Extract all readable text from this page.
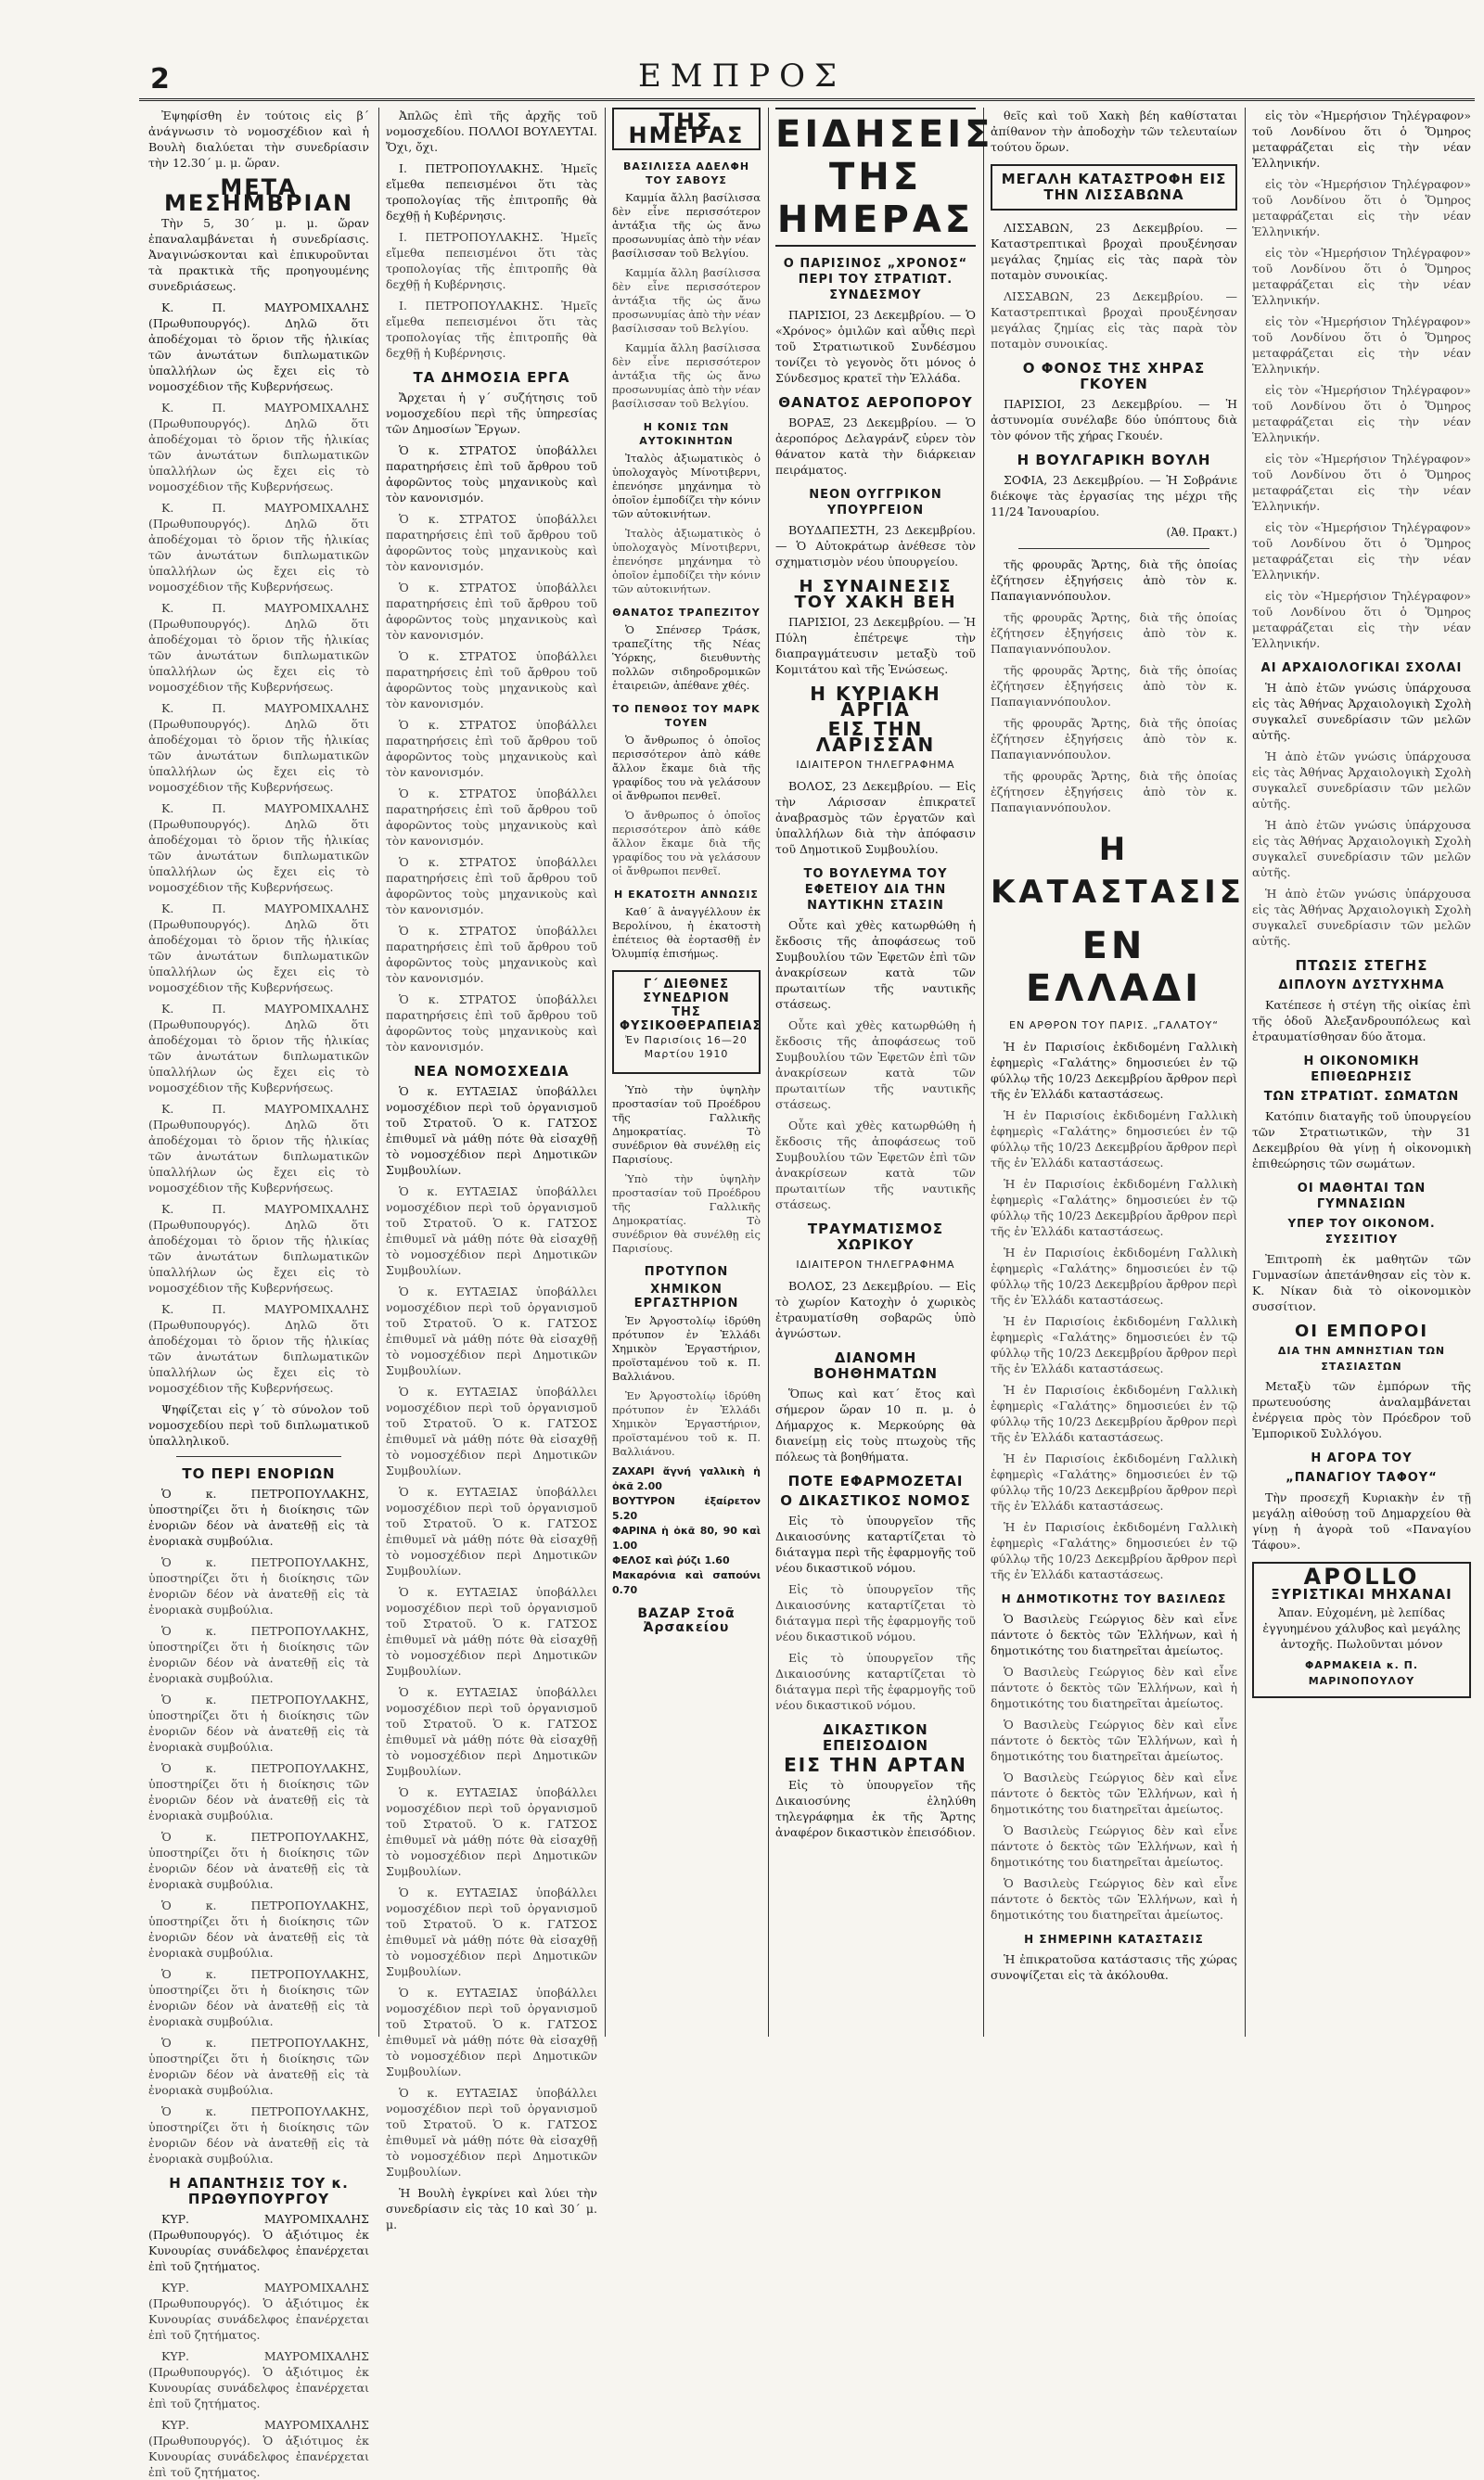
2	ΕΜΠΡΟΣ

Ἐψηφίσθη ἐν τούτοις εἰς β΄ ἀνάγνωσιν τὸ νομοσχέδιον καὶ ἡ Βουλὴ διαλύεται τὴν συνεδρίασιν τὴν 12.30΄ μ. μ. ὥραν.

ΜΕΤΑ ΜΕΣΗΜΒΡΙΑΝ

Τὴν 5, 30΄ μ. μ. ὥραν ἐπαναλαμβάνεται ἡ συνεδρίασις. Ἀναγινώσκονται καὶ ἐπικυροῦνται τὰ πρακτικὰ τῆς προηγουμένης συνεδριάσεως.

Κ. Π. ΜΑΥΡΟΜΙΧΑΛΗΣ (Πρωθυπουργός). Δηλῶ ὅτι ἀποδέχομαι τὸ ὅριον τῆς ἡλικίας τῶν ἀνωτάτων διπλωματικῶν ὑπαλλήλων ὡς ἔχει εἰς τὸ νομοσχέδιον τῆς Κυβερνήσεως.

Κ. Π. ΜΑΥΡΟΜΙΧΑΛΗΣ (Πρωθυπουργός). Δηλῶ ὅτι ἀποδέχομαι τὸ ὅριον τῆς ἡλικίας τῶν ἀνωτάτων διπλωματικῶν ὑπαλλήλων ὡς ἔχει εἰς τὸ νομοσχέδιον τῆς Κυβερνήσεως.

Κ. Π. ΜΑΥΡΟΜΙΧΑΛΗΣ (Πρωθυπουργός). Δηλῶ ὅτι ἀποδέχομαι τὸ ὅριον τῆς ἡλικίας τῶν ἀνωτάτων διπλωματικῶν ὑπαλλήλων ὡς ἔχει εἰς τὸ νομοσχέδιον τῆς Κυβερνήσεως.

Κ. Π. ΜΑΥΡΟΜΙΧΑΛΗΣ (Πρωθυπουργός). Δηλῶ ὅτι ἀποδέχομαι τὸ ὅριον τῆς ἡλικίας τῶν ἀνωτάτων διπλωματικῶν ὑπαλλήλων ὡς ἔχει εἰς τὸ νομοσχέδιον τῆς Κυβερνήσεως.

Κ. Π. ΜΑΥΡΟΜΙΧΑΛΗΣ (Πρωθυπουργός). Δηλῶ ὅτι ἀποδέχομαι τὸ ὅριον τῆς ἡλικίας τῶν ἀνωτάτων διπλωματικῶν ὑπαλλήλων ὡς ἔχει εἰς τὸ νομοσχέδιον τῆς Κυβερνήσεως.

Κ. Π. ΜΑΥΡΟΜΙΧΑΛΗΣ (Πρωθυπουργός). Δηλῶ ὅτι ἀποδέχομαι τὸ ὅριον τῆς ἡλικίας τῶν ἀνωτάτων διπλωματικῶν ὑπαλλήλων ὡς ἔχει εἰς τὸ νομοσχέδιον τῆς Κυβερνήσεως.

Κ. Π. ΜΑΥΡΟΜΙΧΑΛΗΣ (Πρωθυπουργός). Δηλῶ ὅτι ἀποδέχομαι τὸ ὅριον τῆς ἡλικίας τῶν ἀνωτάτων διπλωματικῶν ὑπαλλήλων ὡς ἔχει εἰς τὸ νομοσχέδιον τῆς Κυβερνήσεως.

Κ. Π. ΜΑΥΡΟΜΙΧΑΛΗΣ (Πρωθυπουργός). Δηλῶ ὅτι ἀποδέχομαι τὸ ὅριον τῆς ἡλικίας τῶν ἀνωτάτων διπλωματικῶν ὑπαλλήλων ὡς ἔχει εἰς τὸ νομοσχέδιον τῆς Κυβερνήσεως.

Κ. Π. ΜΑΥΡΟΜΙΧΑΛΗΣ (Πρωθυπουργός). Δηλῶ ὅτι ἀποδέχομαι τὸ ὅριον τῆς ἡλικίας τῶν ἀνωτάτων διπλωματικῶν ὑπαλλήλων ὡς ἔχει εἰς τὸ νομοσχέδιον τῆς Κυβερνήσεως.

Κ. Π. ΜΑΥΡΟΜΙΧΑΛΗΣ (Πρωθυπουργός). Δηλῶ ὅτι ἀποδέχομαι τὸ ὅριον τῆς ἡλικίας τῶν ἀνωτάτων διπλωματικῶν ὑπαλλήλων ὡς ἔχει εἰς τὸ νομοσχέδιον τῆς Κυβερνήσεως.

Κ. Π. ΜΑΥΡΟΜΙΧΑΛΗΣ (Πρωθυπουργός). Δηλῶ ὅτι ἀποδέχομαι τὸ ὅριον τῆς ἡλικίας τῶν ἀνωτάτων διπλωματικῶν ὑπαλλήλων ὡς ἔχει εἰς τὸ νομοσχέδιον τῆς Κυβερνήσεως.

Ψηφίζεται εἰς γ΄ τὸ σύνολον τοῦ νομοσχεδίου περὶ τοῦ διπλωματικοῦ ὑπαλληλικοῦ.

ΤΟ ΠΕΡΙ ΕΝΟΡΙΩΝ

Ὁ κ. ΠΕΤΡΟΠΟΥΛΑΚΗΣ, ὑποστηρίζει ὅτι ἡ διοίκησις τῶν ἐνοριῶν δέον νὰ ἀνατεθῇ εἰς τὰ ἐνοριακὰ συμβούλια.

Ὁ κ. ΠΕΤΡΟΠΟΥΛΑΚΗΣ, ὑποστηρίζει ὅτι ἡ διοίκησις τῶν ἐνοριῶν δέον νὰ ἀνατεθῇ εἰς τὰ ἐνοριακὰ συμβούλια.

Ὁ κ. ΠΕΤΡΟΠΟΥΛΑΚΗΣ, ὑποστηρίζει ὅτι ἡ διοίκησις τῶν ἐνοριῶν δέον νὰ ἀνατεθῇ εἰς τὰ ἐνοριακὰ συμβούλια.

Ὁ κ. ΠΕΤΡΟΠΟΥΛΑΚΗΣ, ὑποστηρίζει ὅτι ἡ διοίκησις τῶν ἐνοριῶν δέον νὰ ἀνατεθῇ εἰς τὰ ἐνοριακὰ συμβούλια.

Ὁ κ. ΠΕΤΡΟΠΟΥΛΑΚΗΣ, ὑποστηρίζει ὅτι ἡ διοίκησις τῶν ἐνοριῶν δέον νὰ ἀνατεθῇ εἰς τὰ ἐνοριακὰ συμβούλια.

Ὁ κ. ΠΕΤΡΟΠΟΥΛΑΚΗΣ, ὑποστηρίζει ὅτι ἡ διοίκησις τῶν ἐνοριῶν δέον νὰ ἀνατεθῇ εἰς τὰ ἐνοριακὰ συμβούλια.

Ὁ κ. ΠΕΤΡΟΠΟΥΛΑΚΗΣ, ὑποστηρίζει ὅτι ἡ διοίκησις τῶν ἐνοριῶν δέον νὰ ἀνατεθῇ εἰς τὰ ἐνοριακὰ συμβούλια.

Ὁ κ. ΠΕΤΡΟΠΟΥΛΑΚΗΣ, ὑποστηρίζει ὅτι ἡ διοίκησις τῶν ἐνοριῶν δέον νὰ ἀνατεθῇ εἰς τὰ ἐνοριακὰ συμβούλια.

Ὁ κ. ΠΕΤΡΟΠΟΥΛΑΚΗΣ, ὑποστηρίζει ὅτι ἡ διοίκησις τῶν ἐνοριῶν δέον νὰ ἀνατεθῇ εἰς τὰ ἐνοριακὰ συμβούλια.

Ὁ κ. ΠΕΤΡΟΠΟΥΛΑΚΗΣ, ὑποστηρίζει ὅτι ἡ διοίκησις τῶν ἐνοριῶν δέον νὰ ἀνατεθῇ εἰς τὰ ἐνοριακὰ συμβούλια.

Η ΑΠΑΝΤΗΣΙΣ ΤΟΥ κ. ΠΡΩΘΥΠΟΥΡΓΟΥ

ΚΥΡ. ΜΑΥΡΟΜΙΧΑΛΗΣ (Πρωθυπουργός). Ὁ ἀξιότιμος ἐκ Κυνουρίας συνάδελφος ἐπανέρχεται ἐπὶ τοῦ ζητήματος.

ΚΥΡ. ΜΑΥΡΟΜΙΧΑΛΗΣ (Πρωθυπουργός). Ὁ ἀξιότιμος ἐκ Κυνουρίας συνάδελφος ἐπανέρχεται ἐπὶ τοῦ ζητήματος.

ΚΥΡ. ΜΑΥΡΟΜΙΧΑΛΗΣ (Πρωθυπουργός). Ὁ ἀξιότιμος ἐκ Κυνουρίας συνάδελφος ἐπανέρχεται ἐπὶ τοῦ ζητήματος.

ΚΥΡ. ΜΑΥΡΟΜΙΧΑΛΗΣ (Πρωθυπουργός). Ὁ ἀξιότιμος ἐκ Κυνουρίας συνάδελφος ἐπανέρχεται ἐπὶ τοῦ ζητήματος.

Ἀπλῶς ἐπὶ τῆς ἀρχῆς τοῦ νομοσχεδίου. ΠΟΛΛΟΙ ΒΟΥΛΕΥΤΑΙ. Ὄχι, ὄχι.

Ι. ΠΕΤΡΟΠΟΥΛΑΚΗΣ. Ἠμεῖς εἴμεθα πεπεισμένοι ὅτι τὰς τροπολογίας τῆς ἐπιτροπῆς θὰ δεχθῇ ἡ Κυβέρνησις.

Ι. ΠΕΤΡΟΠΟΥΛΑΚΗΣ. Ἠμεῖς εἴμεθα πεπεισμένοι ὅτι τὰς τροπολογίας τῆς ἐπιτροπῆς θὰ δεχθῇ ἡ Κυβέρνησις.

Ι. ΠΕΤΡΟΠΟΥΛΑΚΗΣ. Ἠμεῖς εἴμεθα πεπεισμένοι ὅτι τὰς τροπολογίας τῆς ἐπιτροπῆς θὰ δεχθῇ ἡ Κυβέρνησις.

ΤΑ ΔΗΜΟΣΙΑ ΕΡΓΑ

Ἄρχεται ἡ γ΄ συζήτησις τοῦ νομοσχεδίου περὶ τῆς ὑπηρεσίας τῶν Δημοσίων Ἔργων.

Ὁ κ. ΣΤΡΑΤΟΣ ὑποβάλλει παρατηρήσεις ἐπὶ τοῦ ἄρθρου τοῦ ἀφορῶντος τοὺς μηχανικοὺς καὶ τὸν κανονισμόν.

Ὁ κ. ΣΤΡΑΤΟΣ ὑποβάλλει παρατηρήσεις ἐπὶ τοῦ ἄρθρου τοῦ ἀφορῶντος τοὺς μηχανικοὺς καὶ τὸν κανονισμόν.

Ὁ κ. ΣΤΡΑΤΟΣ ὑποβάλλει παρατηρήσεις ἐπὶ τοῦ ἄρθρου τοῦ ἀφορῶντος τοὺς μηχανικοὺς καὶ τὸν κανονισμόν.

Ὁ κ. ΣΤΡΑΤΟΣ ὑποβάλλει παρατηρήσεις ἐπὶ τοῦ ἄρθρου τοῦ ἀφορῶντος τοὺς μηχανικοὺς καὶ τὸν κανονισμόν.

Ὁ κ. ΣΤΡΑΤΟΣ ὑποβάλλει παρατηρήσεις ἐπὶ τοῦ ἄρθρου τοῦ ἀφορῶντος τοὺς μηχανικοὺς καὶ τὸν κανονισμόν.

Ὁ κ. ΣΤΡΑΤΟΣ ὑποβάλλει παρατηρήσεις ἐπὶ τοῦ ἄρθρου τοῦ ἀφορῶντος τοὺς μηχανικοὺς καὶ τὸν κανονισμόν.

Ὁ κ. ΣΤΡΑΤΟΣ ὑποβάλλει παρατηρήσεις ἐπὶ τοῦ ἄρθρου τοῦ ἀφορῶντος τοὺς μηχανικοὺς καὶ τὸν κανονισμόν.

Ὁ κ. ΣΤΡΑΤΟΣ ὑποβάλλει παρατηρήσεις ἐπὶ τοῦ ἄρθρου τοῦ ἀφορῶντος τοὺς μηχανικοὺς καὶ τὸν κανονισμόν.

Ὁ κ. ΣΤΡΑΤΟΣ ὑποβάλλει παρατηρήσεις ἐπὶ τοῦ ἄρθρου τοῦ ἀφορῶντος τοὺς μηχανικοὺς καὶ τὸν κανονισμόν.

ΝΕΑ ΝΟΜΟΣΧΕΔΙΑ

Ὁ κ. ΕΥΤΑΞΙΑΣ ὑποβάλλει νομοσχέδιον περὶ τοῦ ὀργανισμοῦ τοῦ Στρατοῦ. Ὁ κ. ΓΑΤΣΟΣ ἐπιθυμεῖ νὰ μάθῃ πότε θὰ εἰσαχθῇ τὸ νομοσχέδιον περὶ Δημοτικῶν Συμβουλίων.

Ὁ κ. ΕΥΤΑΞΙΑΣ ὑποβάλλει νομοσχέδιον περὶ τοῦ ὀργανισμοῦ τοῦ Στρατοῦ. Ὁ κ. ΓΑΤΣΟΣ ἐπιθυμεῖ νὰ μάθῃ πότε θὰ εἰσαχθῇ τὸ νομοσχέδιον περὶ Δημοτικῶν Συμβουλίων.

Ὁ κ. ΕΥΤΑΞΙΑΣ ὑποβάλλει νομοσχέδιον περὶ τοῦ ὀργανισμοῦ τοῦ Στρατοῦ. Ὁ κ. ΓΑΤΣΟΣ ἐπιθυμεῖ νὰ μάθῃ πότε θὰ εἰσαχθῇ τὸ νομοσχέδιον περὶ Δημοτικῶν Συμβουλίων.

Ὁ κ. ΕΥΤΑΞΙΑΣ ὑποβάλλει νομοσχέδιον περὶ τοῦ ὀργανισμοῦ τοῦ Στρατοῦ. Ὁ κ. ΓΑΤΣΟΣ ἐπιθυμεῖ νὰ μάθῃ πότε θὰ εἰσαχθῇ τὸ νομοσχέδιον περὶ Δημοτικῶν Συμβουλίων.

Ὁ κ. ΕΥΤΑΞΙΑΣ ὑποβάλλει νομοσχέδιον περὶ τοῦ ὀργανισμοῦ τοῦ Στρατοῦ. Ὁ κ. ΓΑΤΣΟΣ ἐπιθυμεῖ νὰ μάθῃ πότε θὰ εἰσαχθῇ τὸ νομοσχέδιον περὶ Δημοτικῶν Συμβουλίων.

Ὁ κ. ΕΥΤΑΞΙΑΣ ὑποβάλλει νομοσχέδιον περὶ τοῦ ὀργανισμοῦ τοῦ Στρατοῦ. Ὁ κ. ΓΑΤΣΟΣ ἐπιθυμεῖ νὰ μάθῃ πότε θὰ εἰσαχθῇ τὸ νομοσχέδιον περὶ Δημοτικῶν Συμβουλίων.

Ὁ κ. ΕΥΤΑΞΙΑΣ ὑποβάλλει νομοσχέδιον περὶ τοῦ ὀργανισμοῦ τοῦ Στρατοῦ. Ὁ κ. ΓΑΤΣΟΣ ἐπιθυμεῖ νὰ μάθῃ πότε θὰ εἰσαχθῇ τὸ νομοσχέδιον περὶ Δημοτικῶν Συμβουλίων.

Ὁ κ. ΕΥΤΑΞΙΑΣ ὑποβάλλει νομοσχέδιον περὶ τοῦ ὀργανισμοῦ τοῦ Στρατοῦ. Ὁ κ. ΓΑΤΣΟΣ ἐπιθυμεῖ νὰ μάθῃ πότε θὰ εἰσαχθῇ τὸ νομοσχέδιον περὶ Δημοτικῶν Συμβουλίων.

Ὁ κ. ΕΥΤΑΞΙΑΣ ὑποβάλλει νομοσχέδιον περὶ τοῦ ὀργανισμοῦ τοῦ Στρατοῦ. Ὁ κ. ΓΑΤΣΟΣ ἐπιθυμεῖ νὰ μάθῃ πότε θὰ εἰσαχθῇ τὸ νομοσχέδιον περὶ Δημοτικῶν Συμβουλίων.

Ὁ κ. ΕΥΤΑΞΙΑΣ ὑποβάλλει νομοσχέδιον περὶ τοῦ ὀργανισμοῦ τοῦ Στρατοῦ. Ὁ κ. ΓΑΤΣΟΣ ἐπιθυμεῖ νὰ μάθῃ πότε θὰ εἰσαχθῇ τὸ νομοσχέδιον περὶ Δημοτικῶν Συμβουλίων.

Ὁ κ. ΕΥΤΑΞΙΑΣ ὑποβάλλει νομοσχέδιον περὶ τοῦ ὀργανισμοῦ τοῦ Στρατοῦ. Ὁ κ. ΓΑΤΣΟΣ ἐπιθυμεῖ νὰ μάθῃ πότε θὰ εἰσαχθῇ τὸ νομοσχέδιον περὶ Δημοτικῶν Συμβουλίων.

Ἡ Βουλὴ ἐγκρίνει καὶ λύει τὴν συνεδρίασιν εἰς τὰς 10 καὶ 30΄ μ. μ.

ΤΗΣ ΗΜΕΡΑΣ
ΒΑΣΙΛΙΣΣΑ ΑΔΕΛΦΗ ΤΟΥ ΣΑΒΟΥΣ

Καμμία ἄλλη βασίλισσα δὲν εἶνε περισσότερον ἀντάξια τῆς ὡς ἄνω προσωνυμίας ἀπὸ τὴν νέαν βασίλισσαν τοῦ Βελγίου.

Καμμία ἄλλη βασίλισσα δὲν εἶνε περισσότερον ἀντάξια τῆς ὡς ἄνω προσωνυμίας ἀπὸ τὴν νέαν βασίλισσαν τοῦ Βελγίου.

Καμμία ἄλλη βασίλισσα δὲν εἶνε περισσότερον ἀντάξια τῆς ὡς ἄνω προσωνυμίας ἀπὸ τὴν νέαν βασίλισσαν τοῦ Βελγίου.

Η ΚΟΝΙΣ ΤΩΝ ΑΥΤΟΚΙΝΗΤΩΝ

Ἰταλὸς ἀξιωματικὸς ὁ ὑπολοχαγὸς Μίνοτιβερνι, ἐπενόησε μηχάνημα τὸ ὁποῖον ἐμποδίζει τὴν κόνιν τῶν αὐτοκινήτων.

Ἰταλὸς ἀξιωματικὸς ὁ ὑπολοχαγὸς Μίνοτιβερνι, ἐπενόησε μηχάνημα τὸ ὁποῖον ἐμποδίζει τὴν κόνιν τῶν αὐτοκινήτων.

ΘΑΝΑΤΟΣ ΤΡΑΠΕΖΙΤΟΥ

Ὁ Σπένσερ Τράσκ, τραπεζίτης τῆς Νέας Ὑόρκης, διευθυντὴς πολλῶν σιδηροδρομικῶν ἑταιρειῶν, ἀπέθανε χθές.

ΤΟ ΠΕΝΘΟΣ ΤΟΥ ΜΑΡΚ ΤΟΥΕΝ

Ὁ ἄνθρωπος ὁ ὁποῖος περισσότερον ἀπὸ κάθε ἄλλον ἔκαμε διὰ τῆς γραφίδος του νὰ γελάσουν οἱ ἄνθρωποι πενθεῖ.

Ὁ ἄνθρωπος ὁ ὁποῖος περισσότερον ἀπὸ κάθε ἄλλον ἔκαμε διὰ τῆς γραφίδος του νὰ γελάσουν οἱ ἄνθρωποι πενθεῖ.

Η ΕΚΑΤΟΣΤΗ ΑΝΝΩΣΙΣ

Καθ΄ ἃ ἀναγγέλλουν ἐκ Βερολίνου, ἡ ἑκατοστὴ ἐπέτειος θὰ ἑορτασθῇ ἐν Ὀλυμπίᾳ ἐπισήμως.

Γ΄ ΔΙΕΘΝΕΣ ΣΥΝΕΔΡΙΟΝ
ΤΗΣ ΦΥΣΙΚΟΘΕΡΑΠΕΙΑΣ
Ἐν Παρισίοις 16—20 Μαρτίου 1910

Ὑπὸ τὴν ὑψηλὴν προστασίαν τοῦ Προέδρου τῆς Γαλλικῆς Δημοκρατίας. Τὸ συνέδριον θὰ συνέλθῃ εἰς Παρισίους.

Ὑπὸ τὴν ὑψηλὴν προστασίαν τοῦ Προέδρου τῆς Γαλλικῆς Δημοκρατίας. Τὸ συνέδριον θὰ συνέλθῃ εἰς Παρισίους.

ΠΡΟΤΥΠΟΝ
ΧΗΜΙΚΟΝ ΕΡΓΑΣΤΗΡΙΟΝ

Ἐν Ἀργοστολίῳ ἱδρύθη πρότυπον ἐν Ἑλλάδι Χημικὸν Ἐργαστήριον, προϊσταμένου τοῦ κ. Π. Βαλλιάνου.

Ἐν Ἀργοστολίῳ ἱδρύθη πρότυπον ἐν Ἑλλάδι Χημικὸν Ἐργαστήριον, προϊσταμένου τοῦ κ. Π. Βαλλιάνου.

ΖΑΧΑΡΙ ἄγνή γαλλικὴ ἡ ὀκᾶ 2.00
ΒΟΥΤΥΡΟΝ ἐξαίρετον 5.20
ΦΑΡΙΝΑ ἡ ὀκᾶ 80, 90 καὶ 1.00
ΦΕΛΟΣ καὶ ῥύζι 1.60
Μακαρόνια καὶ σαπούνι 0.70
ΒΑΖΑΡ Στοᾶ Ἀρσακείου
ΕΙΔΗΣΕΙΣ ΤΗΣ ΗΜΕΡΑΣ
Ο ΠΑΡΙΣΙΝΟΣ „ΧΡΟΝΟΣ“ ΠΕΡΙ ΤΟΥ ΣΤΡΑΤΙΩΤ. ΣΥΝΔΕΣΜΟΥ

ΠΑΡΙΣΙΟΙ, 23 Δεκεμβρίου. — Ὁ «Χρόνος» ὁμιλῶν καὶ αὖθις περὶ τοῦ Στρατιωτικοῦ Συνδέσμου τονίζει τὸ γεγονὸς ὅτι μόνος ὁ Σύνδεσμος κρατεῖ τὴν Ἑλλάδα.

ΘΑΝΑΤΟΣ ΑΕΡΟΠΟΡΟΥ

ΒΟΡΑΞ, 23 Δεκεμβρίου. — Ὁ ἀεροπόρος Δελαγράνζ εὑρεν τὸν θάνατον κατὰ τὴν διάρκειαν πειράματος.

ΝΕΟΝ ΟΥΓΓΡΙΚΟΝ ΥΠΟΥΡΓΕΙΟΝ

ΒΟΥΔΑΠΕΣΤΗ, 23 Δεκεμβρίου. — Ὁ Αὐτοκράτωρ ἀνέθεσε τὸν σχηματισμὸν νέου ὑπουργείου.

Η ΣΥΝΑΙΝΕΣΙΣ ΤΟΥ ΧΑΚΗ ΒΕΗ

ΠΑΡΙΣΙΟΙ, 23 Δεκεμβρίου. — Ἡ Πύλη ἐπέτρεψε τὴν διαπραγμάτευσιν μεταξὺ τοῦ Κομιτάτου καὶ τῆς Ἑνώσεως.

Η ΚΥΡΙΑΚΗ ΑΡΓΙΑ
ΕΙΣ ΤΗΝ ΛΑΡΙΣΣΑΝ
ΙΔΙΑΙΤΕΡΟΝ ΤΗΛΕΓΡΑΦΗΜΑ

ΒΟΛΟΣ, 23 Δεκεμβρίου. — Εἰς τὴν Λάρισσαν ἐπικρατεῖ ἀναβρασμὸς τῶν ἐργατῶν καὶ ὑπαλλήλων διὰ τὴν ἀπόφασιν τοῦ Δημοτικοῦ Συμβουλίου.

ΤΟ ΒΟΥΛΕΥΜΑ ΤΟΥ ΕΦΕΤΕΙΟΥ ΔΙΑ ΤΗΝ ΝΑΥΤΙΚΗΝ ΣΤΑΣΙΝ

Οὗτε καὶ χθὲς κατωρθώθη ἡ ἔκδοσις τῆς ἀποφάσεως τοῦ Συμβουλίου τῶν Ἐφετῶν ἐπὶ τῶν ἀνακρίσεων κατὰ τῶν πρωταιτίων τῆς ναυτικῆς στάσεως.

Οὗτε καὶ χθὲς κατωρθώθη ἡ ἔκδοσις τῆς ἀποφάσεως τοῦ Συμβουλίου τῶν Ἐφετῶν ἐπὶ τῶν ἀνακρίσεων κατὰ τῶν πρωταιτίων τῆς ναυτικῆς στάσεως.

Οὗτε καὶ χθὲς κατωρθώθη ἡ ἔκδοσις τῆς ἀποφάσεως τοῦ Συμβουλίου τῶν Ἐφετῶν ἐπὶ τῶν ἀνακρίσεων κατὰ τῶν πρωταιτίων τῆς ναυτικῆς στάσεως.

ΤΡΑΥΜΑΤΙΣΜΟΣ ΧΩΡΙΚΟΥ
ΙΔΙΑΙΤΕΡΟΝ ΤΗΛΕΓΡΑΦΗΜΑ

ΒΟΛΟΣ, 23 Δεκεμβρίου. — Εἰς τὸ χωρίον Κατοχὴν ὁ χωρικὸς ἐτραυματίσθη σοβαρῶς ὑπὸ ἀγνώστων.

ΔΙΑΝΟΜΗ ΒΟΗΘΗΜΑΤΩΝ

Ὅπως καὶ κατ΄ ἔτος καὶ σήμερον ὥραν 10 π. μ. ὁ Δήμαρχος κ. Μερκούρης θὰ διανείμῃ εἰς τοὺς πτωχοὺς τῆς πόλεως τὰ βοηθήματα.

ΠΟΤΕ ΕΦΑΡΜΟΖΕΤΑΙ
Ο ΔΙΚΑΣΤΙΚΟΣ ΝΟΜΟΣ

Εἰς τὸ ὑπουργεῖον τῆς Δικαιοσύνης καταρτίζεται τὸ διάταγμα περὶ τῆς ἐφαρμογῆς τοῦ νέου δικαστικοῦ νόμου.

Εἰς τὸ ὑπουργεῖον τῆς Δικαιοσύνης καταρτίζεται τὸ διάταγμα περὶ τῆς ἐφαρμογῆς τοῦ νέου δικαστικοῦ νόμου.

Εἰς τὸ ὑπουργεῖον τῆς Δικαιοσύνης καταρτίζεται τὸ διάταγμα περὶ τῆς ἐφαρμογῆς τοῦ νέου δικαστικοῦ νόμου.

ΔΙΚΑΣΤΙΚΟΝ ΕΠΕΙΣΟΔΙΟΝ
ΕΙΣ ΤΗΝ ΑΡΤΑΝ

Εἰς τὸ ὑπουργεῖον τῆς Δικαιοσύνης ἐληλύθη τηλεγράφημα ἐκ τῆς Ἄρτης ἀναφέρον δικαστικὸν ἐπεισόδιον.

θεῖς καὶ τοῦ Χακὴ βέη καθίσταται ἀπίθανον τὴν ἀποδοχὴν τῶν τελευταίων τούτου ὅρων.

ΜΕΓΑΛΗ ΚΑΤΑΣΤΡΟΦΗ ΕΙΣ ΤΗΝ ΛΙΣΣΑΒΩΝΑ

ΛΙΣΣΑΒΩΝ, 23 Δεκεμβρίου. — Καταστρεπτικαὶ βροχαὶ προυξένησαν μεγάλας ζημίας εἰς τὰς παρὰ τὸν ποταμὸν συνοικίας.

ΛΙΣΣΑΒΩΝ, 23 Δεκεμβρίου. — Καταστρεπτικαὶ βροχαὶ προυξένησαν μεγάλας ζημίας εἰς τὰς παρὰ τὸν ποταμὸν συνοικίας.

Ο ΦΟΝΟΣ ΤΗΣ ΧΗΡΑΣ ΓΚΟΥΕΝ

ΠΑΡΙΣΙΟΙ, 23 Δεκεμβρίου. — Ἡ ἀστυνομία συνέλαβε δύο ὑπόπτους διὰ τὸν φόνον τῆς χήρας Γκουέν.

Η ΒΟΥΛΓΑΡΙΚΗ ΒΟΥΛΗ

ΣΟΦΙΑ, 23 Δεκεμβρίου. — Ἡ Σοβράνιε διέκοψε τὰς ἐργασίας της μέχρι τῆς 11/24 Ἰανουαρίου.

(Ἀθ. Πρακτ.)

τῆς φρουρᾶς Ἄρτης, διὰ τῆς ὁποίας ἐζήτησεν ἐξηγήσεις ἀπὸ τὸν κ. Παπαγιαννόπουλον.

τῆς φρουρᾶς Ἄρτης, διὰ τῆς ὁποίας ἐζήτησεν ἐξηγήσεις ἀπὸ τὸν κ. Παπαγιαννόπουλον.

τῆς φρουρᾶς Ἄρτης, διὰ τῆς ὁποίας ἐζήτησεν ἐξηγήσεις ἀπὸ τὸν κ. Παπαγιαννόπουλον.

τῆς φρουρᾶς Ἄρτης, διὰ τῆς ὁποίας ἐζήτησεν ἐξηγήσεις ἀπὸ τὸν κ. Παπαγιαννόπουλον.

τῆς φρουρᾶς Ἄρτης, διὰ τῆς ὁποίας ἐζήτησεν ἐξηγήσεις ἀπὸ τὸν κ. Παπαγιαννόπουλον.

Η ΚΑΤΑΣΤΑΣΙΣ
ΕΝ ΕΛΛΑΔΙ
ΕΝ ΑΡΘΡΟΝ ΤΟΥ ΠΑΡΙΣ. „ΓΑΛΑΤΟΥ“

Ἡ ἐν Παρισίοις ἐκδιδομένη Γαλλικὴ ἐφημερὶς «Γαλάτης» δημοσιεύει ἐν τῷ φύλλῳ τῆς 10/23 Δεκεμβρίου ἄρθρον περὶ τῆς ἐν Ἑλλάδι καταστάσεως.

Ἡ ἐν Παρισίοις ἐκδιδομένη Γαλλικὴ ἐφημερὶς «Γαλάτης» δημοσιεύει ἐν τῷ φύλλῳ τῆς 10/23 Δεκεμβρίου ἄρθρον περὶ τῆς ἐν Ἑλλάδι καταστάσεως.

Ἡ ἐν Παρισίοις ἐκδιδομένη Γαλλικὴ ἐφημερὶς «Γαλάτης» δημοσιεύει ἐν τῷ φύλλῳ τῆς 10/23 Δεκεμβρίου ἄρθρον περὶ τῆς ἐν Ἑλλάδι καταστάσεως.

Ἡ ἐν Παρισίοις ἐκδιδομένη Γαλλικὴ ἐφημερὶς «Γαλάτης» δημοσιεύει ἐν τῷ φύλλῳ τῆς 10/23 Δεκεμβρίου ἄρθρον περὶ τῆς ἐν Ἑλλάδι καταστάσεως.

Ἡ ἐν Παρισίοις ἐκδιδομένη Γαλλικὴ ἐφημερὶς «Γαλάτης» δημοσιεύει ἐν τῷ φύλλῳ τῆς 10/23 Δεκεμβρίου ἄρθρον περὶ τῆς ἐν Ἑλλάδι καταστάσεως.

Ἡ ἐν Παρισίοις ἐκδιδομένη Γαλλικὴ ἐφημερὶς «Γαλάτης» δημοσιεύει ἐν τῷ φύλλῳ τῆς 10/23 Δεκεμβρίου ἄρθρον περὶ τῆς ἐν Ἑλλάδι καταστάσεως.

Ἡ ἐν Παρισίοις ἐκδιδομένη Γαλλικὴ ἐφημερὶς «Γαλάτης» δημοσιεύει ἐν τῷ φύλλῳ τῆς 10/23 Δεκεμβρίου ἄρθρον περὶ τῆς ἐν Ἑλλάδι καταστάσεως.

Ἡ ἐν Παρισίοις ἐκδιδομένη Γαλλικὴ ἐφημερὶς «Γαλάτης» δημοσιεύει ἐν τῷ φύλλῳ τῆς 10/23 Δεκεμβρίου ἄρθρον περὶ τῆς ἐν Ἑλλάδι καταστάσεως.

Η ΔΗΜΟΤΙΚΟΤΗΣ ΤΟΥ ΒΑΣΙΛΕΩΣ

Ὁ Βασιλεὺς Γεώργιος δὲν καὶ εἶνε πάντοτε ὁ δεκτὸς τῶν Ἑλλήνων, καὶ ἡ δημοτικότης του διατηρεῖται ἀμείωτος.

Ὁ Βασιλεὺς Γεώργιος δὲν καὶ εἶνε πάντοτε ὁ δεκτὸς τῶν Ἑλλήνων, καὶ ἡ δημοτικότης του διατηρεῖται ἀμείωτος.

Ὁ Βασιλεὺς Γεώργιος δὲν καὶ εἶνε πάντοτε ὁ δεκτὸς τῶν Ἑλλήνων, καὶ ἡ δημοτικότης του διατηρεῖται ἀμείωτος.

Ὁ Βασιλεὺς Γεώργιος δὲν καὶ εἶνε πάντοτε ὁ δεκτὸς τῶν Ἑλλήνων, καὶ ἡ δημοτικότης του διατηρεῖται ἀμείωτος.

Ὁ Βασιλεὺς Γεώργιος δὲν καὶ εἶνε πάντοτε ὁ δεκτὸς τῶν Ἑλλήνων, καὶ ἡ δημοτικότης του διατηρεῖται ἀμείωτος.

Ὁ Βασιλεὺς Γεώργιος δὲν καὶ εἶνε πάντοτε ὁ δεκτὸς τῶν Ἑλλήνων, καὶ ἡ δημοτικότης του διατηρεῖται ἀμείωτος.

Η ΣΗΜΕΡΙΝΗ ΚΑΤΑΣΤΑΣΙΣ

Ἡ ἐπικρατοῦσα κατάστασις τῆς χώρας συνοψίζεται εἰς τὰ ἀκόλουθα.

εἰς τὸν «Ἡμερήσιον Τηλέγραφον» τοῦ Λονδίνου ὅτι ὁ Ὅμηρος μεταφράζεται εἰς τὴν νέαν Ἑλληνικήν.

εἰς τὸν «Ἡμερήσιον Τηλέγραφον» τοῦ Λονδίνου ὅτι ὁ Ὅμηρος μεταφράζεται εἰς τὴν νέαν Ἑλληνικήν.

εἰς τὸν «Ἡμερήσιον Τηλέγραφον» τοῦ Λονδίνου ὅτι ὁ Ὅμηρος μεταφράζεται εἰς τὴν νέαν Ἑλληνικήν.

εἰς τὸν «Ἡμερήσιον Τηλέγραφον» τοῦ Λονδίνου ὅτι ὁ Ὅμηρος μεταφράζεται εἰς τὴν νέαν Ἑλληνικήν.

εἰς τὸν «Ἡμερήσιον Τηλέγραφον» τοῦ Λονδίνου ὅτι ὁ Ὅμηρος μεταφράζεται εἰς τὴν νέαν Ἑλληνικήν.

εἰς τὸν «Ἡμερήσιον Τηλέγραφον» τοῦ Λονδίνου ὅτι ὁ Ὅμηρος μεταφράζεται εἰς τὴν νέαν Ἑλληνικήν.

εἰς τὸν «Ἡμερήσιον Τηλέγραφον» τοῦ Λονδίνου ὅτι ὁ Ὅμηρος μεταφράζεται εἰς τὴν νέαν Ἑλληνικήν.

εἰς τὸν «Ἡμερήσιον Τηλέγραφον» τοῦ Λονδίνου ὅτι ὁ Ὅμηρος μεταφράζεται εἰς τὴν νέαν Ἑλληνικήν.

ΑΙ ΑΡΧΑΙΟΛΟΓΙΚΑΙ ΣΧΟΛΑΙ

Ἡ ἀπὸ ἐτῶν γνώσις ὑπάρχουσα εἰς τὰς Ἀθήνας Ἀρχαιολογικὴ Σχολὴ συγκαλεῖ συνεδρίασιν τῶν μελῶν αὐτῆς.

Ἡ ἀπὸ ἐτῶν γνώσις ὑπάρχουσα εἰς τὰς Ἀθήνας Ἀρχαιολογικὴ Σχολὴ συγκαλεῖ συνεδρίασιν τῶν μελῶν αὐτῆς.

Ἡ ἀπὸ ἐτῶν γνώσις ὑπάρχουσα εἰς τὰς Ἀθήνας Ἀρχαιολογικὴ Σχολὴ συγκαλεῖ συνεδρίασιν τῶν μελῶν αὐτῆς.

Ἡ ἀπὸ ἐτῶν γνώσις ὑπάρχουσα εἰς τὰς Ἀθήνας Ἀρχαιολογικὴ Σχολὴ συγκαλεῖ συνεδρίασιν τῶν μελῶν αὐτῆς.

ΠΤΩΣΙΣ ΣΤΕΓΗΣ
ΔΙΠΛΟΥΝ ΔΥΣΤΥΧΗΜΑ

Κατέπεσε ἡ στέγη τῆς οἰκίας ἐπὶ τῆς ὁδοῦ Ἀλεξανδρουπόλεως καὶ ἐτραυματίσθησαν δύο ἄτομα.

Η ΟΙΚΟΝΟΜΙΚΗ ΕΠΙΘΕΩΡΗΣΙΣ
ΤΩΝ ΣΤΡΑΤΙΩΤ. ΣΩΜΑΤΩΝ

Κατόπιν διαταγῆς τοῦ ὑπουργείου τῶν Στρατιωτικῶν, τὴν 31 Δεκεμβρίου θὰ γίνῃ ἡ οἰκονομικὴ ἐπιθεώρησις τῶν σωμάτων.

ΟΙ ΜΑΘΗΤΑΙ ΤΩΝ ΓΥΜΝΑΣΙΩΝ
ΥΠΕΡ ΤΟΥ ΟΙΚΟΝΟΜ. ΣΥΣΣΙΤΙΟΥ

Ἐπιτροπὴ ἐκ μαθητῶν τῶν Γυμνασίων ἀπετάνθησαν εἰς τὸν κ. Κ. Νίκαν διὰ τὸ οἰκονομικὸν συσσίτιον.

ΟΙ ΕΜΠΟΡΟΙ
ΔΙΑ ΤΗΝ ΑΜΝΗΣΤΙΑΝ ΤΩΝ ΣΤΑΣΙΑΣΤΩΝ

Μεταξὺ τῶν ἐμπόρων τῆς πρωτευούσης ἀναλαμβάνεται ἐνέργεια πρὸς τὸν Πρόεδρον τοῦ Ἐμπορικοῦ Συλλόγου.

Η ΑΓΟΡΑ ΤΟΥ
„ΠΑΝΑΓΙΟΥ ΤΑΦΟΥ“

Τὴν προσεχῆ Κυριακὴν ἐν τῇ μεγάλῃ αἰθούσῃ τοῦ Δημαρχείου θὰ γίνῃ ἡ ἀγορὰ τοῦ «Παναγίου Τάφου».

APOLLO
ΞΥΡΙΣΤΙΚΑΙ ΜΗΧΑΝΑΙ

Ἀπαν. Εὐχομένη, μὲ λεπίδας ἐγγυημένου χάλυβος καὶ μεγάλης ἀντοχῆς. Πωλοῦνται μόνον

ΦΑΡΜΑΚΕΙΑ κ. Π. ΜΑΡΙΝΟΠΟΥΛΟΥ
